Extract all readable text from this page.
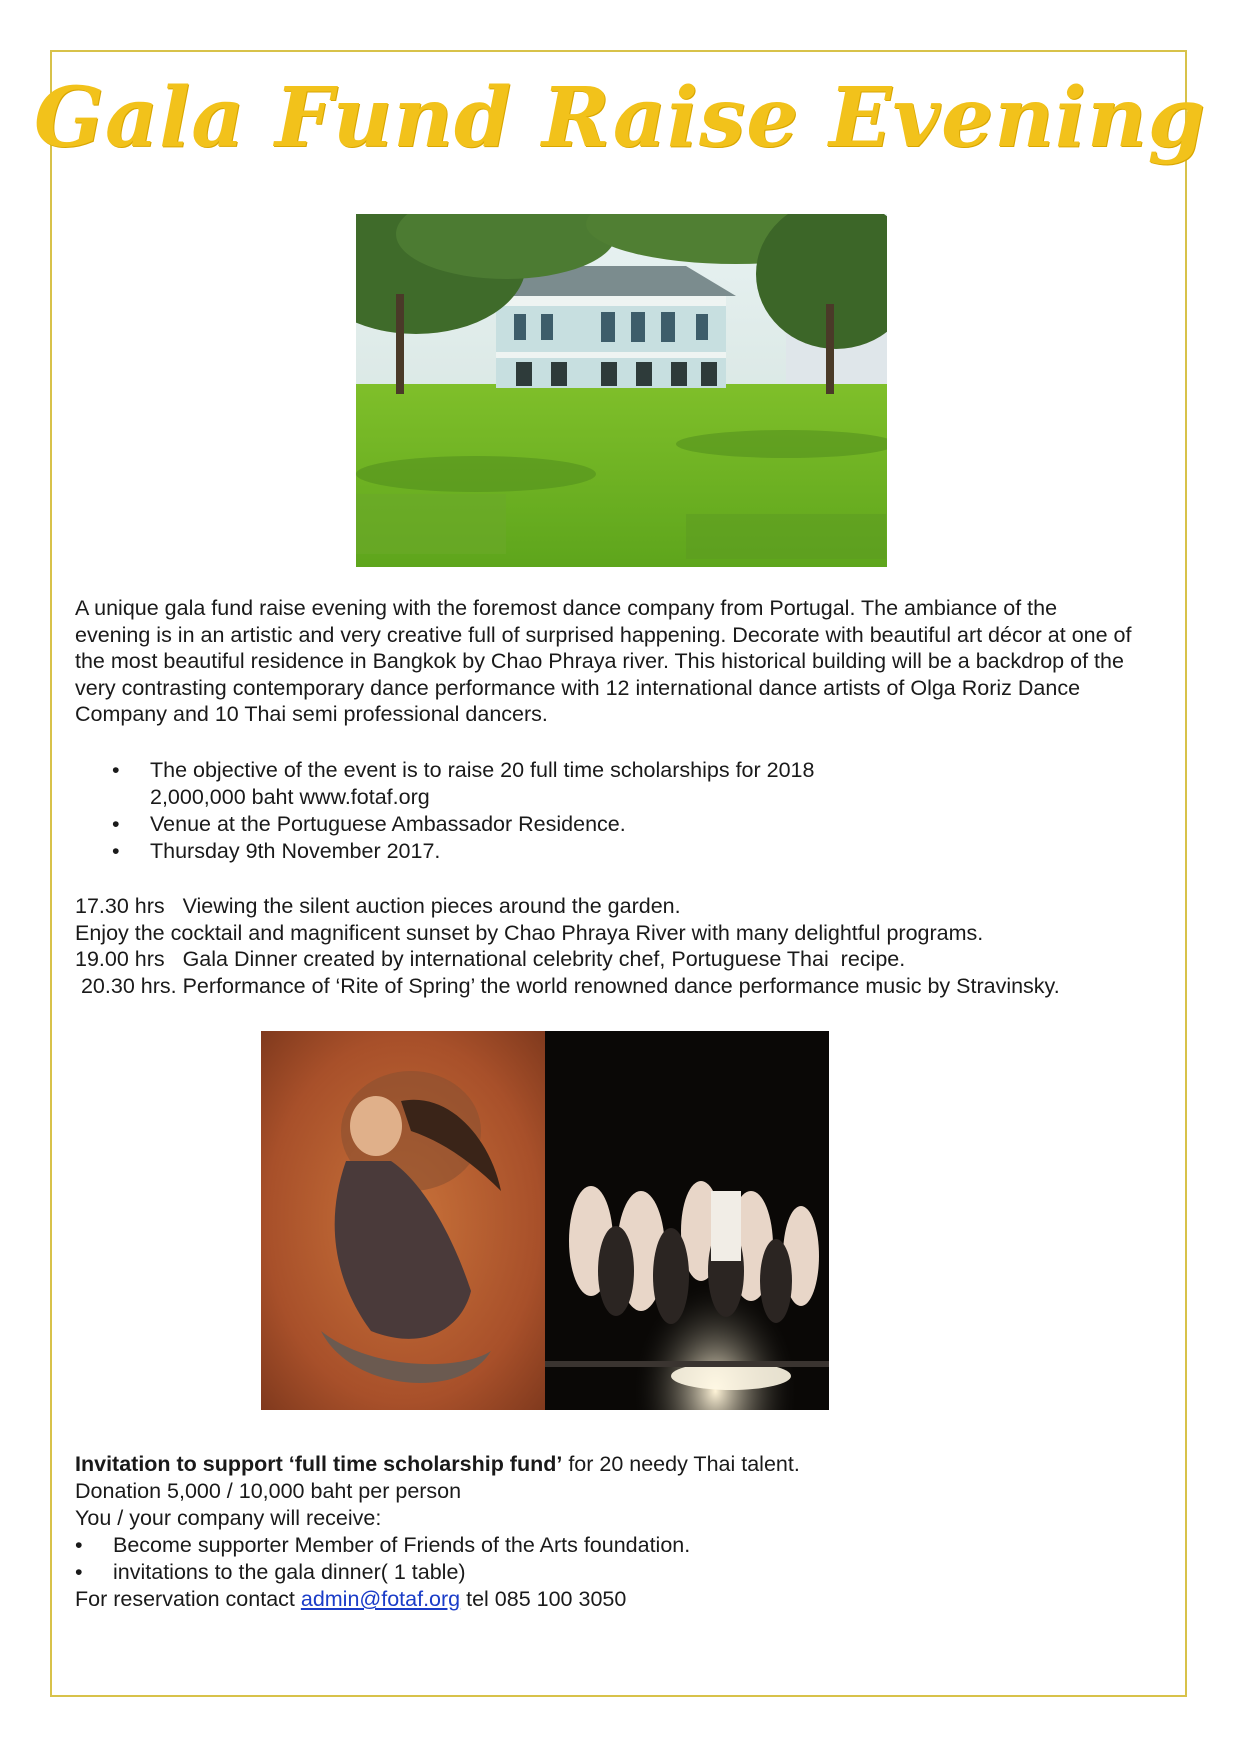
Gala Fund Raise Evening
A unique gala fund raise evening with the foremost dance company from Portugal. The ambiance of the evening is in an artistic and very creative full of surprised happening. Decorate with beautiful art décor at one of the most beautiful residence in Bangkok by Chao Phraya river. This historical building will be a backdrop of the very contrasting contemporary dance performance with 12 international dance artists of Olga Roriz Dance Company and 10 Thai semi professional dancers.
• The objective of the event is to raise 20 full time scholarships for 2018
2,000,000 baht www.fotaf.org
• Venue at the Portuguese Ambassador Residence.
• Thursday 9th November 2017.
17.30 hrs   Viewing the silent auction pieces around the garden.
Enjoy the cocktail and magnificent sunset by Chao Phraya River with many delightful programs.
19.00 hrs   Gala Dinner created by international celebrity chef, Portuguese Thai  recipe.
20.30 hrs. Performance of ‘Rite of Spring’ the world renowned dance performance music by Stravinsky.
Invitation to support ‘full time scholarship fund’ for 20 needy Thai talent.
Donation 5,000 / 10,000 baht per person
You / your company will receive:
• Become supporter Member of Friends of the Arts foundation.
• invitations to the gala dinner( 1 table)
For reservation contact admin@fotaf.org tel 085 100 3050
